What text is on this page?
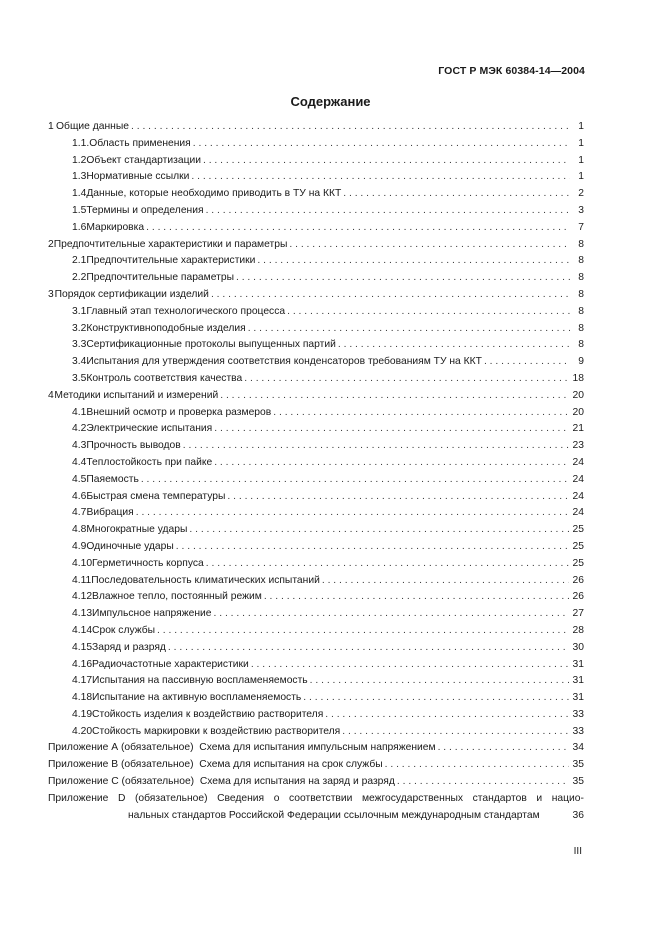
ГОСТ Р МЭК 60384-14—2004
Содержание
1 Общие данные . . .	1
1.1. Область применения . . .	1
1.2 Объект стандартизации . . .	1
1.3 Нормативные ссылки . . .	1
1.4 Данные, которые необходимо приводить в ТУ на ККТ . . .	2
1.5 Термины и определения . . .	3
1.6 Маркировка . . .	7
2 Предпочтительные характеристики и параметры . . .	8
2.1 Предпочтительные характеристики . . .	8
2.2 Предпочтительные параметры . . .	8
3 Порядок сертификации изделий . . .	8
3.1 Главный этап технологического процесса . . .	8
3.2 Конструктивноподобные изделия . . .	8
3.3 Сертификационные протоколы выпущенных партий . . .	8
3.4 Испытания для утверждения соответствия конденсаторов требованиям ТУ на ККТ . . .	9
3.5 Контроль соответствия качества . . .	18
4 Методики испытаний и измерений . . .	20
4.1 Внешний осмотр и проверка размеров . . .	20
4.2 Электрические испытания . . .	21
4.3 Прочность выводов . . .	23
4.4 Теплостойкость при пайке . . .	24
4.5 Паяемость . . .	24
4.6 Быстрая смена температуры . . .	24
4.7 Вибрация . . .	24
4.8 Многократные удары . . .	25
4.9 Одиночные удары . . .	25
4.10 Герметичность корпуса . . .	25
4.11 Последовательность климатических испытаний . . .	26
4.12 Влажное тепло, постоянный режим . . .	26
4.13 Импульсное напряжение . . .	27
4.14 Срок службы . . .	28
4.15 Заряд и разряд . . .	30
4.16 Радиочастотные характеристики . . .	31
4.17 Испытания на пассивную воспламеняемость . . .	31
4.18 Испытание на активную воспламеняемость . . .	31
4.19 Стойкость изделия к воздействию растворителя . . .	33
4.20 Стойкость маркировки к воздействию растворителя . . .	33
Приложение А (обязательное)  Схема для испытания импульсным напряжением . . .	34
Приложение В (обязательное)  Схема для испытания на срок службы . . .	35
Приложение С (обязательное)  Схема для испытания на заряд и разряд . . .	35
Приложение D (обязательное) Сведения о соответствии межгосударственных стандартов и нацио-
нальных стандартов Российской Федерации ссылочным международным стандартам	36
III
